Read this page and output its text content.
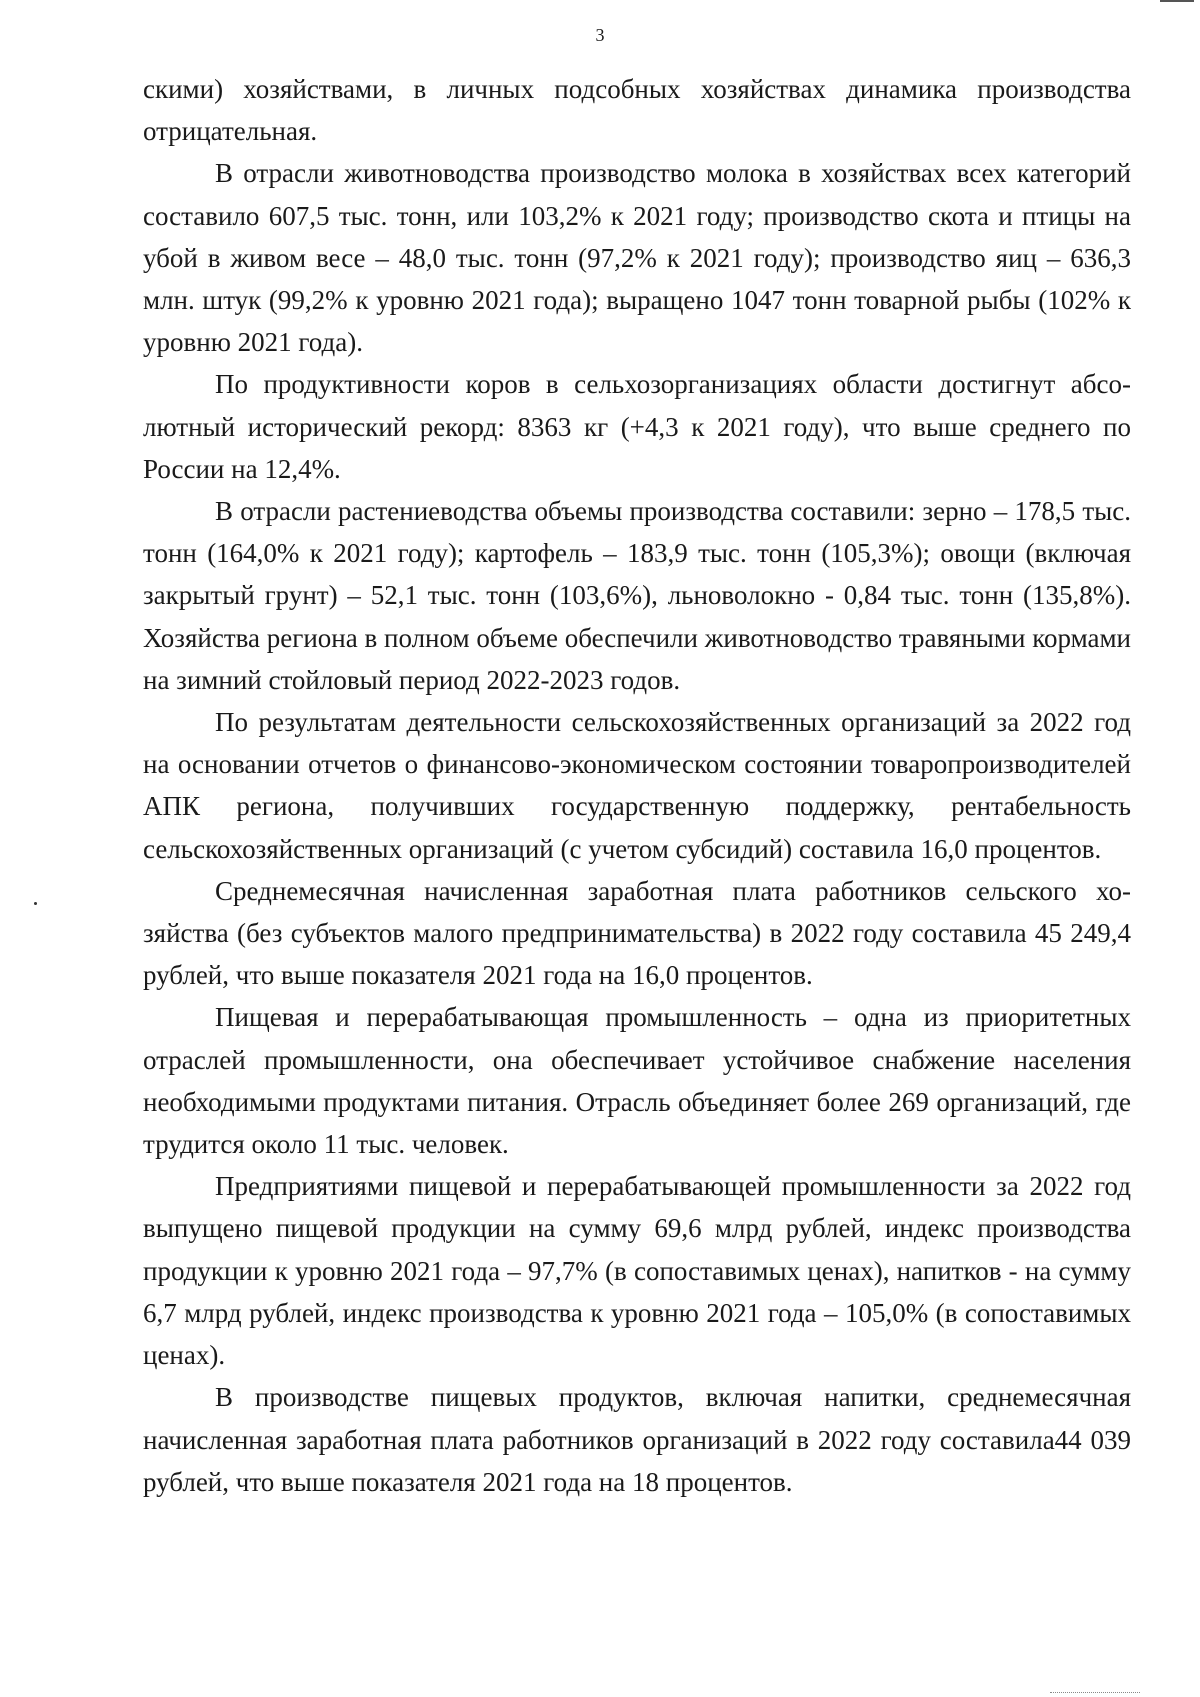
3

скими) хозяйствами, в личных подсобных хозяйствах динамика производства отрицательная.

В отрасли животноводства производство молока в хозяйствах всех категорий составило 607,5 тыс. тонн, или 103,2% к 2021 году; производство скота и птицы на убой в живом весе – 48,0 тыс. тонн (97,2% к 2021 году); производство яиц – 636,3 млн. штук (99,2% к уровню 2021 года); выращено 1047 тонн товарной рыбы (102% к уровню 2021 года).

По продуктивности коров в сельхозорганизациях области достигнут абсолютный исторический рекорд: 8363 кг (+4,3 к 2021 году), что выше среднего по России на 12,4%.

В отрасли растениеводства объемы производства составили: зерно – 178,5 тыс. тонн (164,0% к 2021 году); картофель – 183,9 тыс. тонн (105,3%); овощи (включая закрытый грунт) – 52,1 тыс. тонн (103,6%), льноволокно - 0,84 тыс. тонн (135,8%). Хозяйства региона в полном объеме обеспечили животноводство травяными кормами на зимний стойловый период 2022-2023 годов.

По результатам деятельности сельскохозяйственных организаций за 2022 год на основании отчетов о финансово-экономическом состоянии товаропроизводителей АПК региона, получивших государственную поддержку, рентабельность сельскохозяйственных организаций (с учетом субсидий) составила 16,0 процентов.

Среднемесячная начисленная заработная плата работников сельского хозяйства (без субъектов малого предпринимательства) в 2022 году составила 45 249,4 рублей, что выше показателя 2021 года на 16,0 процентов.

Пищевая и перерабатывающая промышленность – одна из приоритетных отраслей промышленности, она обеспечивает устойчивое снабжение населения необходимыми продуктами питания. Отрасль объединяет более 269 организаций, где трудится около 11 тыс. человек.

Предприятиями пищевой и перерабатывающей промышленности за 2022 год выпущено пищевой продукции на сумму 69,6 млрд рублей, индекс производства продукции к уровню 2021 года – 97,7% (в сопоставимых ценах), напитков - на сумму 6,7 млрд рублей, индекс производства к уровню 2021 года – 105,0% (в сопоставимых ценах).

В производстве пищевых продуктов, включая напитки, среднемесячная начисленная заработная плата работников организаций в 2022 году составила44 039 рублей, что выше показателя 2021 года на 18 процентов.
